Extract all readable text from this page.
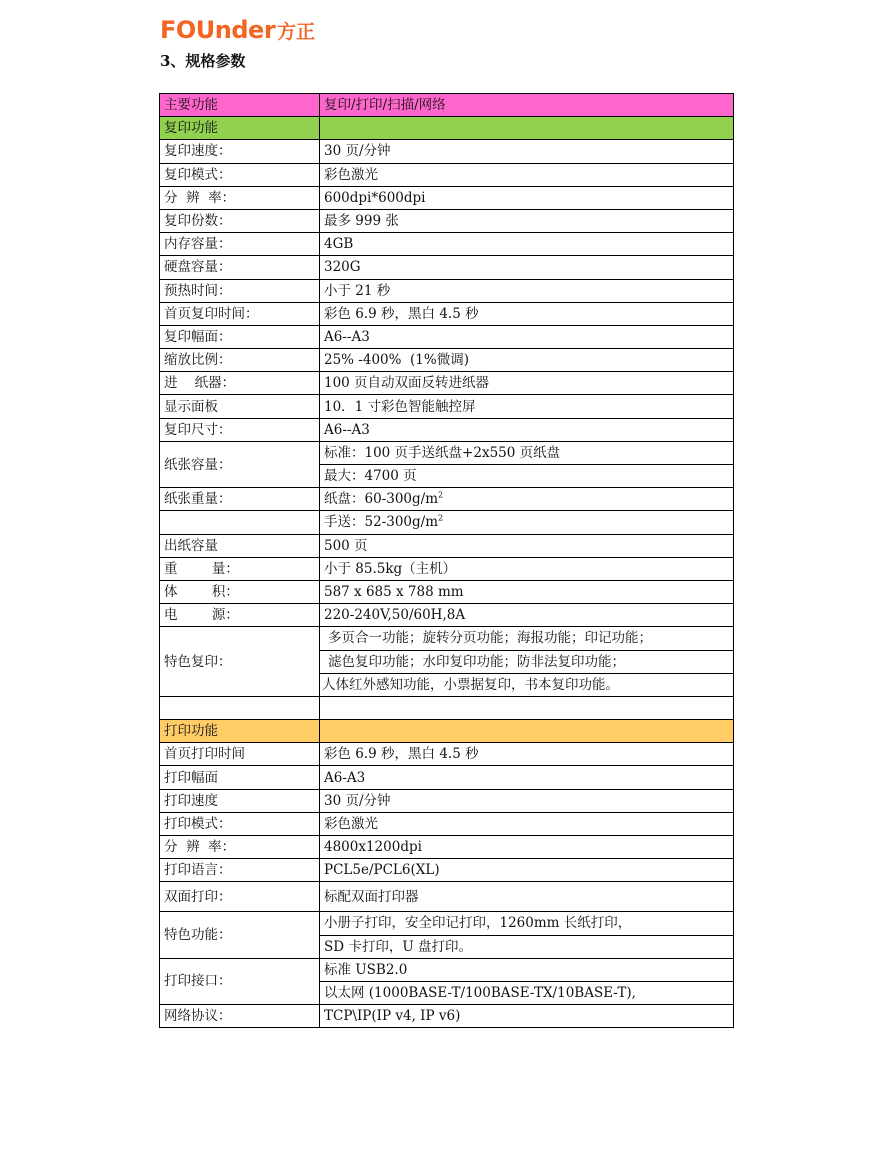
FOUnder 方正
3、规格参数
主要功能	复印/打印/扫描/网络
复印功能	
复印速度：	30 页/分钟
复印模式：	彩色激光
分  辨  率：	600dpi*600dpi
复印份数：	最多 999 张
内存容量：	4GB
硬盘容量：	320G
预热时间：	小于 21 秒
首页复印时间：	彩色 6.9 秒，黑白 4.5 秒
复印幅面：	A6--A3
缩放比例：	25% -400%  (1%微调)
进    纸器：	100 页自动双面反转进纸器
显示面板	10．1 寸彩色智能触控屏
复印尺寸：	A6--A3
纸张容量：	标准：100 页手送纸盘+2x550 页纸盘
	最大：4700 页
纸张重量：	纸盘：$60-300g/m^2$
	手送：$52-300g/m^2$
出纸容量	500 页
重        量：	小于 85.5kg（主机）
体        积：	587 x 685 x 788 mm
电        源：	220-240V,50/60H,8A
特色复印：	多页合一功能；旋转分页功能；海报功能；印记功能；
	滤色复印功能；水印复印功能；防非法复印功能；
	人体红外感知功能，小票据复印，书本复印功能。

打印功能	
首页打印时间	彩色 6.9 秒，黑白 4.5 秒
打印幅面	A6-A3
打印速度	30 页/分钟
打印模式：	彩色激光
分  辨  率：	4800x1200dpi
打印语言：	PCL5e/PCL6(XL)
双面打印：	标配双面打印器
特色功能：	小册子打印，安全印记打印，1260mm 长纸打印，
	SD 卡打印，U 盘打印。
打印接口：	标准 USB2.0
	以太网 (1000BASE-T/100BASE-TX/10BASE-T),
网络协议：	TCP\IP(IP v4, IP v6)
